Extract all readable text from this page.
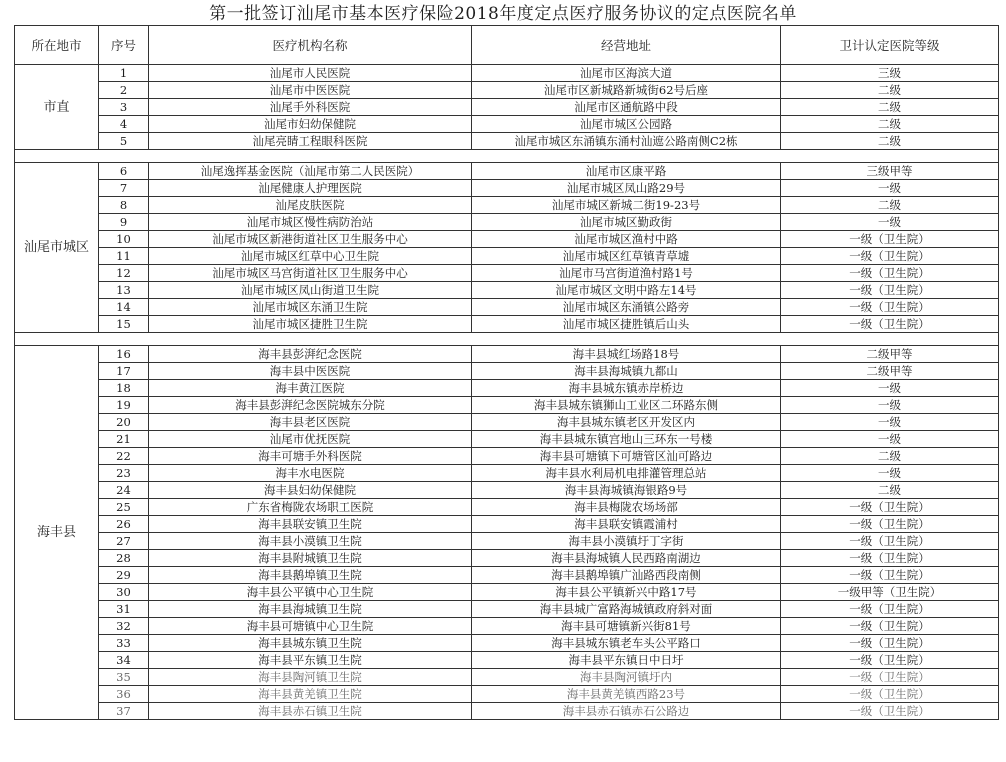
第一批签订汕尾市基本医疗保险2018年度定点医疗服务协议的定点医院名单
所在地市	序号	医疗机构名称	经营地址	卫计认定医院等级
市直	1	汕尾市人民医院	汕尾市区海滨大道	三级
	2	汕尾市中医医院	汕尾市区新城路新城街62号后座	二级
	3	汕尾手外科医院	汕尾市区通航路中段	二级
	4	汕尾市妇幼保健院	汕尾市城区公园路	二级
	5	汕尾亮睛工程眼科医院	汕尾市城区东涌镇东涌村汕遮公路南侧C2栋	二级

汕尾市城区	6	汕尾逸挥基金医院（汕尾市第二人民医院）	汕尾市区康平路	三级甲等
	7	汕尾健康人护理医院	汕尾市城区凤山路29号	一级
	8	汕尾皮肤医院	汕尾市城区新城二街19-23号	二级
	9	汕尾市城区慢性病防治站	汕尾市城区勤政街	一级
	10	汕尾市城区新港街道社区卫生服务中心	汕尾市城区渔村中路	一级（卫生院）
	11	汕尾市城区红草中心卫生院	汕尾市城区红草镇青草墟	一级（卫生院）
	12	汕尾市城区马宫街道社区卫生服务中心	汕尾市马宫街道渔村路1号	一级（卫生院）
	13	汕尾市城区凤山街道卫生院	汕尾市城区文明中路左14号	一级（卫生院）
	14	汕尾市城区东涌卫生院	汕尾市城区东涌镇公路旁	一级（卫生院）
	15	汕尾市城区捷胜卫生院	汕尾市城区捷胜镇后山头	一级（卫生院）

海丰县	16	海丰县彭湃纪念医院	海丰县城红场路18号	二级甲等
	17	海丰县中医医院	海丰县海城镇九都山	二级甲等
	18	海丰黄江医院	海丰县城东镇赤岸桥边	一级
	19	海丰县彭湃纪念医院城东分院	海丰县城东镇狮山工业区二环路东侧	一级
	20	海丰县老区医院	海丰县城东镇老区开发区内	一级
	21	汕尾市优抚医院	海丰县城东镇宫地山三环东一号楼	一级
	22	海丰可塘手外科医院	海丰县可塘镇下可塘管区汕可路边	二级
	23	海丰水电医院	海丰县水利局机电排灌管理总站	一级
	24	海丰县妇幼保健院	海丰县海城镇海银路9号	二级
	25	广东省梅陇农场职工医院	海丰县梅陇农场场部	一级（卫生院）
	26	海丰县联安镇卫生院	海丰县联安镇霞浦村	一级（卫生院）
	27	海丰县小漠镇卫生院	海丰县小漠镇圩丁字街	一级（卫生院）
	28	海丰县附城镇卫生院	海丰县海城镇人民西路南湖边	一级（卫生院）
	29	海丰县鹅埠镇卫生院	海丰县鹅埠镇广汕路西段南侧	一级（卫生院）
	30	海丰县公平镇中心卫生院	海丰县公平镇新兴中路17号	一级甲等（卫生院）
	31	海丰县海城镇卫生院	海丰县城广富路海城镇政府斜对面	一级（卫生院）
	32	海丰县可塘镇中心卫生院	海丰县可塘镇新兴街81号	一级（卫生院）
	33	海丰县城东镇卫生院	海丰县城东镇老车头公平路口	一级（卫生院）
	34	海丰县平东镇卫生院	海丰县平东镇日中日圩	一级（卫生院）
	35	海丰县陶河镇卫生院	海丰县陶河镇圩内	一级（卫生院）
	36	海丰县黄羌镇卫生院	海丰县黄羌镇西路23号	一级（卫生院）
	37	海丰县赤石镇卫生院	海丰县赤石镇赤石公路边	一级（卫生院）
